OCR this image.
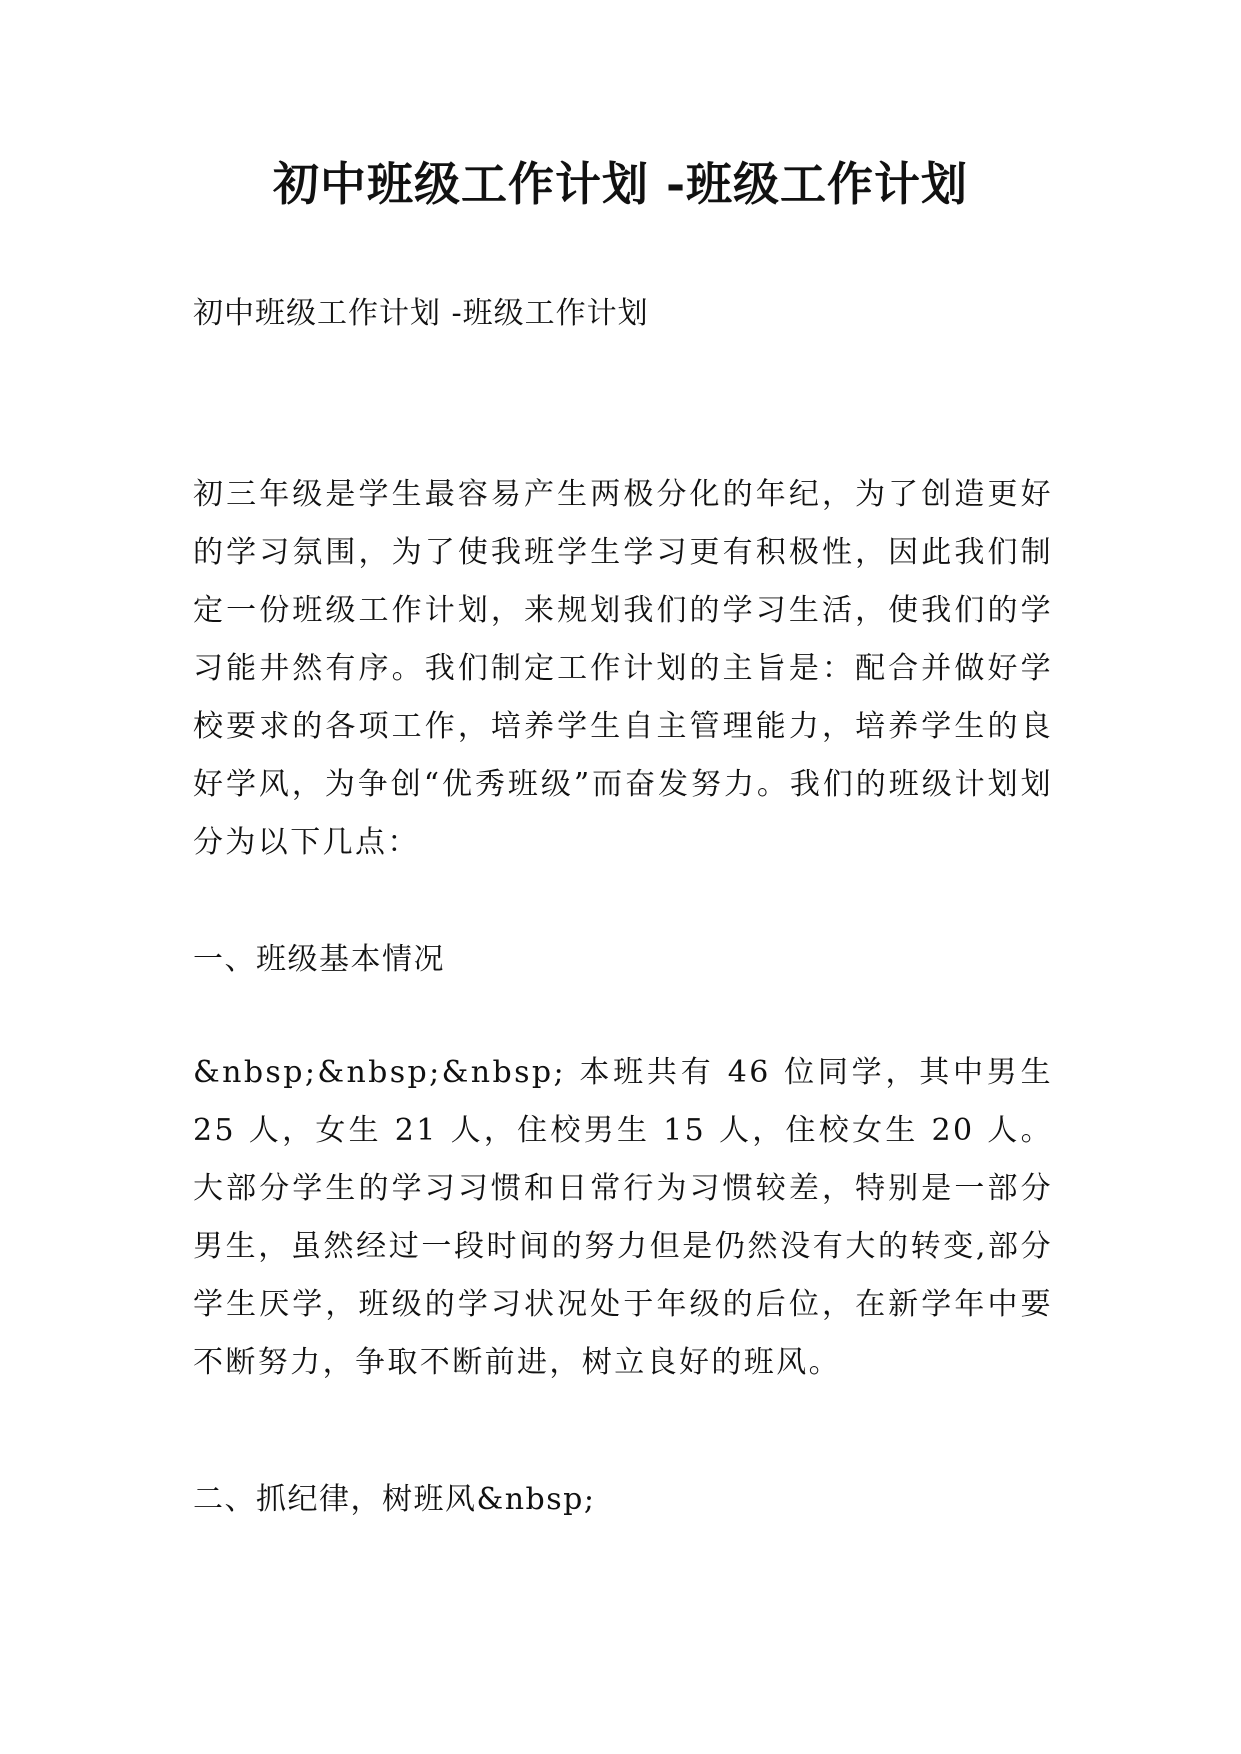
初中班级工作计划 -班级工作计划

初中班级工作计划 -班级工作计划

初三年级是学生最容易产生两极分化的年纪，为了创造更好的学习氛围，为了使我班学生学习更有积极性，因此我们制定一份班级工作计划，来规划我们的学习生活，使我们的学习能井然有序。我们制定工作计划的主旨是：配合并做好学校要求的各项工作，培养学生自主管理能力，培养学生的良好学风，为争创“优秀班级”而奋发努力。我们的班级计划划分为以下几点：

一、班级基本情况

&nbsp;&nbsp;&nbsp; 本班共有 46 位同学，其中男生 25 人，女生 21 人，住校男生 15 人，住校女生 20 人。大部分学生的学习习惯和日常行为习惯较差，特别是一部分男生，虽然经过一段时间的努力但是仍然没有大的转变,部分学生厌学，班级的学习状况处于年级的后位，在新学年中要不断努力，争取不断前进，树立良好的班风。

二、抓纪律，树班风&nbsp;
